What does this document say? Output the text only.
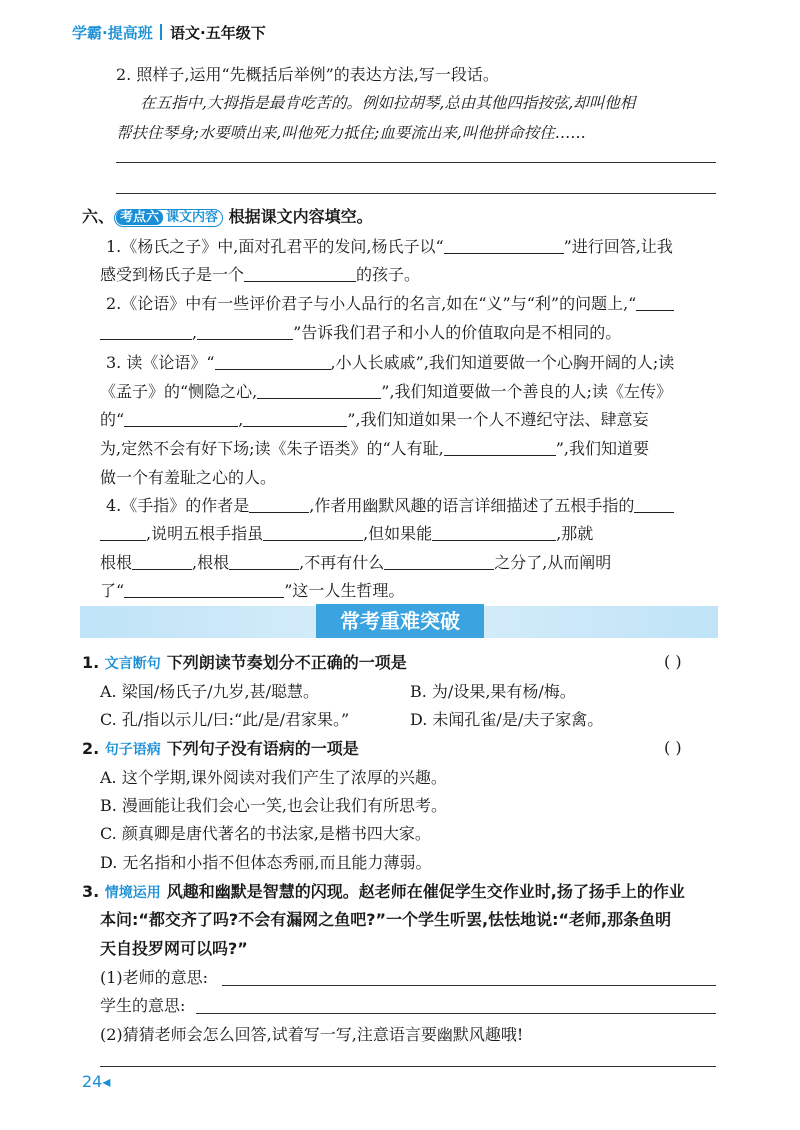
学霸·提高班 语文·五年级下
2. 照样子,运用“先概括后举例”的表达方法,写一段话。
在五指中,大拇指是最肯吃苦的。例如拉胡琴,总由其他四指按弦,却叫他相
帮扶住琴身;水要喷出来,叫他死力抵住;血要流出来,叫他拼命按住……
六、 考点六 课文内容 根据课文内容填空。
1.《杨氏之子》中,面对孔君平的发问,杨氏子以“	”进行回答,让我
感受到杨氏子是一个	的孩子。
2.《论语》中有一些评价君子与小人品行的名言,如在“义”与“利”的问题上,“
,	”告诉我们君子和小人的价值取向是不相同的。
3. 读《论语》“	,小人长戚戚”,我们知道要做一个心胸开阔的人;读
《孟子》的“恻隐之心,	”,我们知道要做一个善良的人;读《左传》
的“	,	”,我们知道如果一个人不遵纪守法、肆意妄
为,定然不会有好下场;读《朱子语类》的“人有耻,	”,我们知道要
做一个有羞耻之心的人。
4.《手指》的作者是	,作者用幽默风趣的语言详细描述了五根手指的
,说明五根手指虽	,但如果能	,那就
根根	,根根	,不再有什么	之分了,从而阐明
了“	”这一人生哲理。
常考重难突破
1. 文言断句 下列朗读节奏划分不正确的一项是	( )
A. 梁国/杨氏子/九岁,甚/聪慧。	B. 为/设果,果有杨/梅。
C. 孔/指以示儿/曰:“此/是/君家果。”	D. 未闻孔雀/是/夫子家禽。
2. 句子语病 下列句子没有语病的一项是	( )
A. 这个学期,课外阅读对我们产生了浓厚的兴趣。
B. 漫画能让我们会心一笑,也会让我们有所思考。
C. 颜真卿是唐代著名的书法家,是楷书四大家。
D. 无名指和小指不但体态秀丽,而且能力薄弱。
3. 情境运用 风趣和幽默是智慧的闪现。赵老师在催促学生交作业时,扬了扬手上的作业
本问:“都交齐了吗?不会有漏网之鱼吧?”一个学生听罢,怯怯地说:“老师,那条鱼明
天自投罗网可以吗?”
(1)老师的意思:
学生的意思:
(2)猜猜老师会怎么回答,试着写一写,注意语言要幽默风趣哦!
24◂
